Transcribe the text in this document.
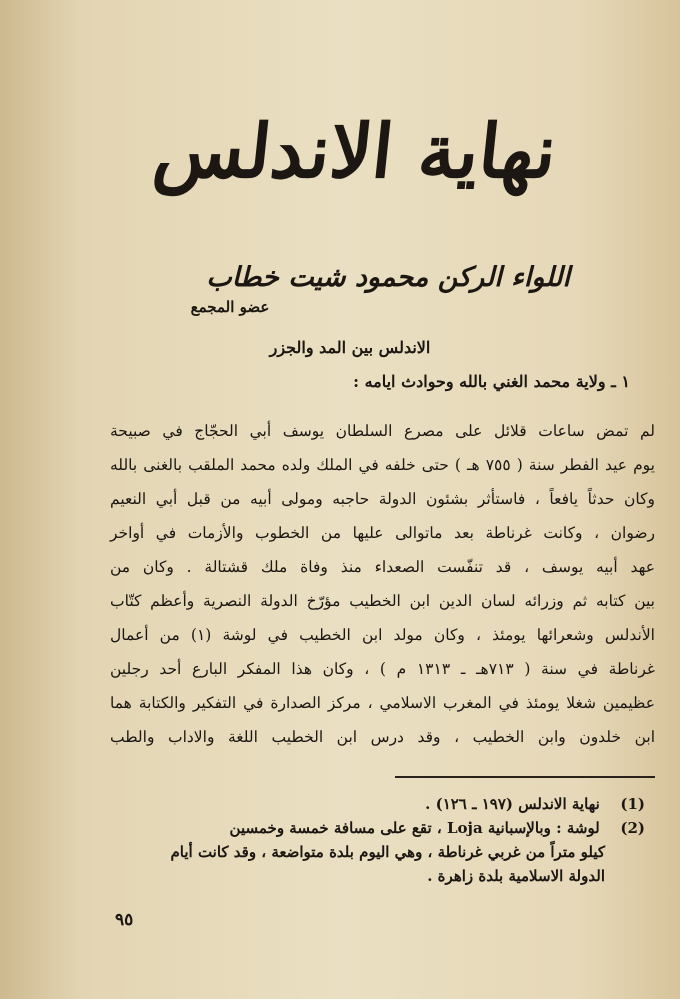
نهاية الاندلس
اللواء الركن محمود شيت خطاب
عضو المجمع
الاندلس بين المد والجزر
١ ـ ولاية محمد الغني بالله وحوادث ايامه :
لم تمض ساعات قلائل على مصرع السلطان يوسف أبي الحجّاج في صبيحة
يوم عيد الفطر سنة ( ٧٥٥ هـ ) حتى خلفه في الملك ولده محمد الملقب بالغنى بالله
وكان حدثاً يافعاً ، فاستأثر بشئون الدولة حاجبه ومولى أبيه من قبل أبي النعيم
رضوان ، وكانت غرناطة بعد ماتوالى عليها من الخطوب والأزمات في أواخر
عهد أبيه يوسف ، قد تنفّست الصعداء منذ وفاة ملك قشتالة . وكان من
بين كتابه ثم وزرائه لسان الدين ابن الخطيب مؤرّخ الدولة النصرية وأعظم كتّاب
الأندلس وشعرائها يومئذ ، وكان مولد ابن الخطيب في لوشة (١) من أعمال
غرناطة في سنة ( ٧١٣هـ ـ ١٣١٣ م ) ، وكان هذا المفكر البارع أحد رجلين
عظيمين شغلا يومئذ في المغرب الاسلامي ، مركز الصدارة في التفكير والكتابة هما
ابن خلدون وابن الخطيب ، وقد درس ابن الخطيب اللغة والاداب والطب
(1) نهاية الاندلس (١٩٧ ـ ١٢٦) .
(2) لوشة : وبالإسبانية Loja ، تقع على مسافة خمسة وخمسين
كيلو متراً من غربي غرناطة ، وهي اليوم بلدة متواضعة ، وقد كانت أيام
الدولة الاسلامية بلدة زاهرة .
٩٥
